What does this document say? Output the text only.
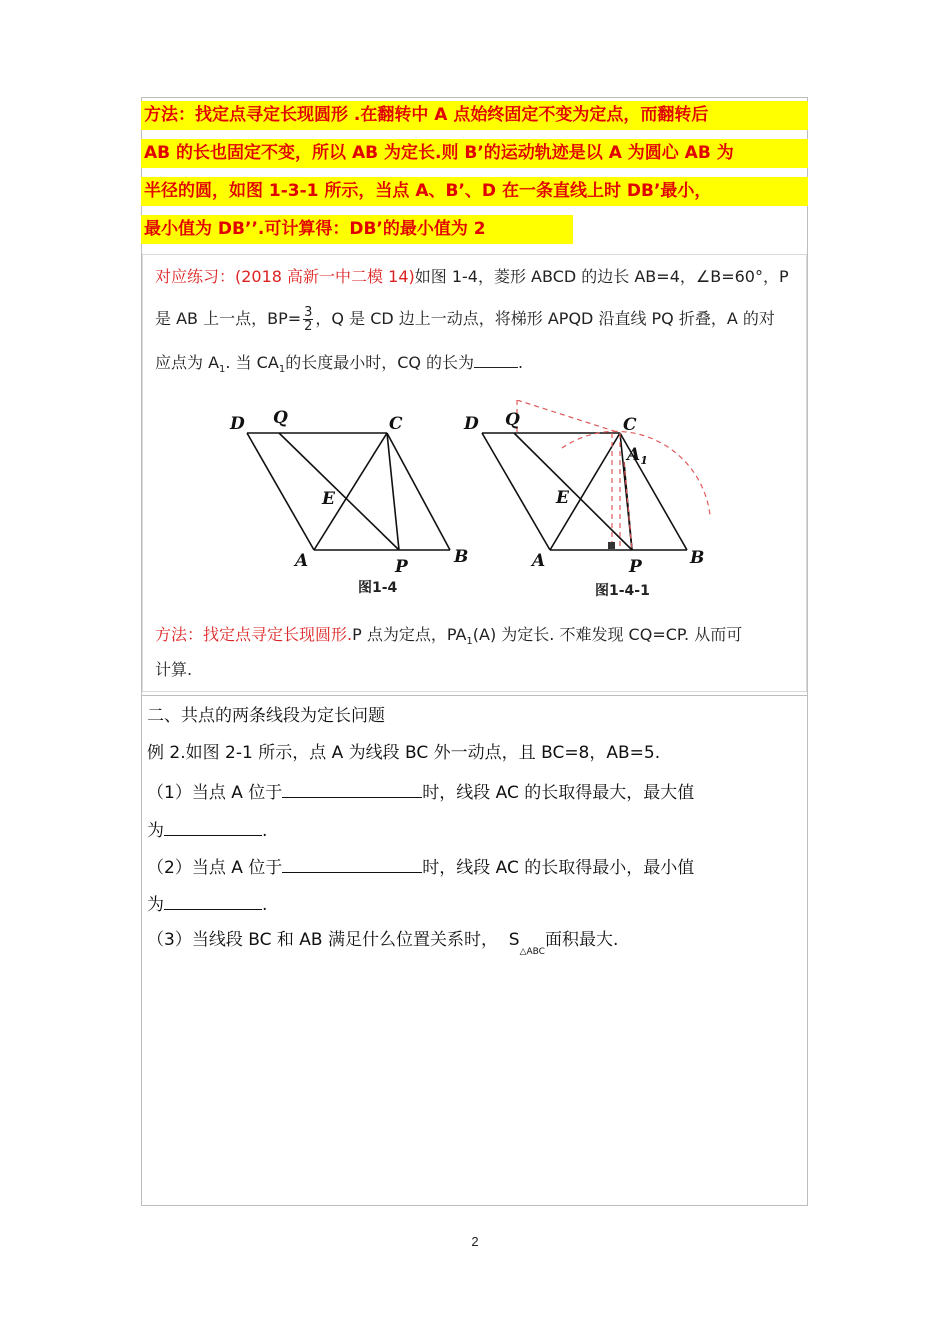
方法：找定点寻定长现圆形 .在翻转中 A 点始终固定不变为定点，而翻转后
AB 的长也固定不变，所以 AB 为定长.则 B’的运动轨迹是以 A 为圆心 AB 为
半径的圆，如图 1-3-1 所示，当点 A、B’、D 在一条直线上时 DB’最小，
最小值为 DB’’.可计算得：DB’的最小值为 2
对应练习：(2018 高新一中二模 14)如图 1-4，菱形 ABCD 的边长 AB=4，∠B=60°，P
是 AB 上一点，$BP= \frac{3}{2}$ ，Q 是 CD 边上一动点，将梯形 APQD 沿直线 PQ 折叠，A 的对
应点为 $A_1$. 当 $CA_1$的长度最小时，CQ 的长为	.
D Q	C
E
A	P	B
D Q	C
E
A	P	B
$A_1$
图1-4	图1-4-1
方法：找定点寻定长现圆形.P 点为定点，$PA_1(A)$ 为定长. 不难发现 CQ=CP. 从而可
计算.
二、共点的两条线段为定长问题
例 2.如图 2-1 所示，点 A 为线段 BC 外一动点，且 BC=8，AB=5.
（1）当点 A 位于	时，线段 AC 的长取得最大，最大值
为	.
（2）当点 A 位于	时，线段 AC 的长取得最小，最小值
为	.
（3）当线段 BC 和 AB 满足什么位置关系时，  $S_{\triangle ABC}$面积最大.
2
